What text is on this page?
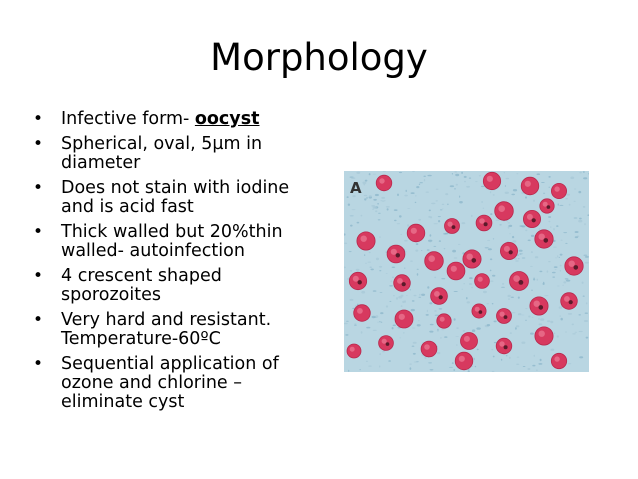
Morphology
• Infective form- oocyst
• Spherical, oval, 5µm in diameter
• Does not stain with iodine and is acid fast
• Thick walled but 20%thin walled- autoinfection
• 4 crescent shaped sporozoites
• Very hard and resistant. Temperature-60ºC
• Sequential application of ozone and chlorine – eliminate cyst
A
